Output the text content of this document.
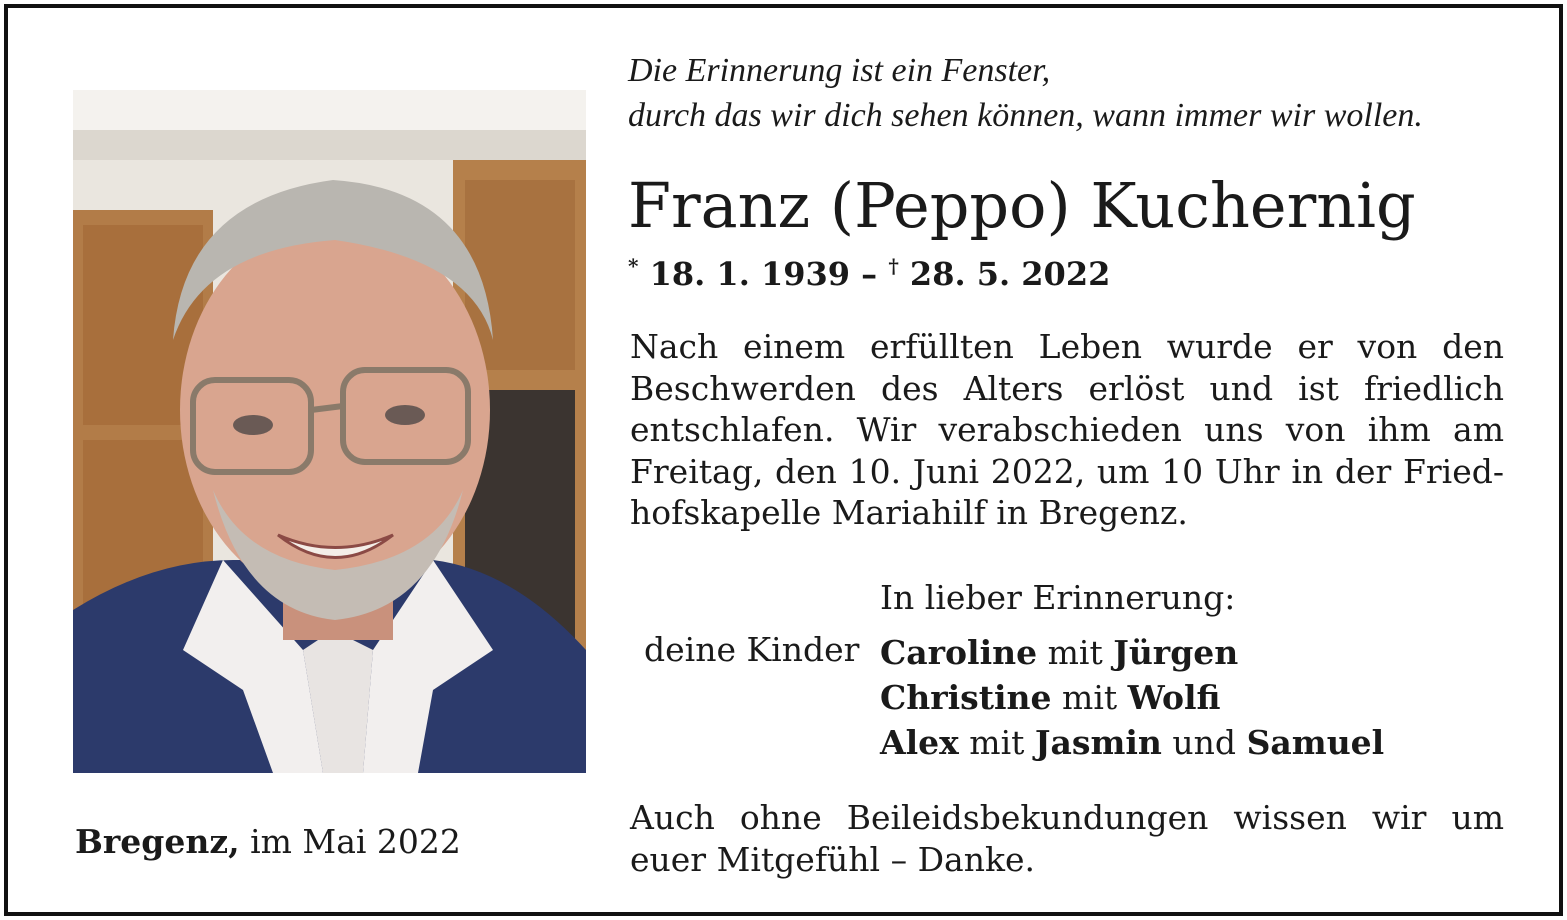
Die Erinnerung ist ein Fenster,
durch das wir dich sehen können, wann immer wir wollen.
Franz (Peppo) Kuchernig
* 18. 1. 1939 – † 28. 5. 2022
Nach einem erfüllten Leben wurde er von den
Beschwerden des Alters erlöst und ist friedlich
entschlafen. Wir verabschieden uns von ihm am
Freitag, den 10. Juni 2022, um 10 Uhr in der Fried-
hofskapelle Mariahilf in Bregenz.
In lieber Erinnerung:
deine Kinder Caroline mit Jürgen
Christine mit Wolfi
Alex mit Jasmin und Samuel
Auch ohne Beileidsbekundungen wissen wir um
euer Mitgefühl – Danke.
Bregenz, im Mai 2022
